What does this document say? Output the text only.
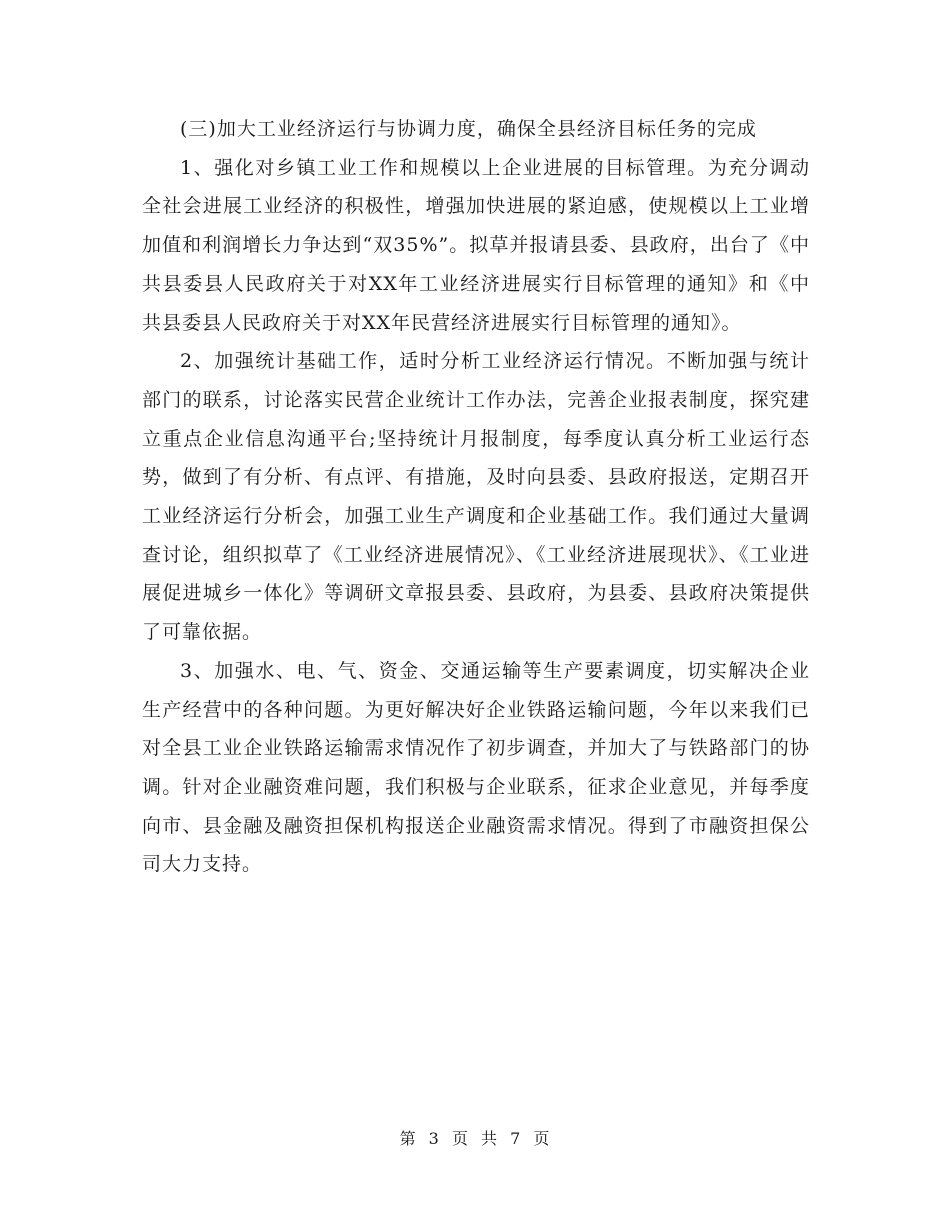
(三)加大工业经济运行与协调力度，确保全县经济目标任务的完成

1、强化对乡镇工业工作和规模以上企业进展的目标管理。为充分调动全社会进展工业经济的积极性，增强加快进展的紧迫感，使规模以上工业增加值和利润增长力争达到“双35%”。拟草并报请县委、县政府，出台了《中共县委县人民政府关于对XX年工业经济进展实行目标管理的通知》和《中共县委县人民政府关于对XX年民营经济进展实行目标管理的通知》。

2、加强统计基础工作，适时分析工业经济运行情况。不断加强与统计部门的联系，讨论落实民营企业统计工作办法，完善企业报表制度，探究建立重点企业信息沟通平台;坚持统计月报制度，每季度认真分析工业运行态势，做到了有分析、有点评、有措施，及时向县委、县政府报送，定期召开工业经济运行分析会，加强工业生产调度和企业基础工作。我们通过大量调查讨论，组织拟草了《工业经济进展情况》、《工业经济进展现状》、《工业进展促进城乡一体化》等调研文章报县委、县政府，为县委、县政府决策提供了可靠依据。

3、加强水、电、气、资金、交通运输等生产要素调度，切实解决企业生产经营中的各种问题。为更好解决好企业铁路运输问题，今年以来我们已对全县工业企业铁路运输需求情况作了初步调查，并加大了与铁路部门的协调。针对企业融资难问题，我们积极与企业联系，征求企业意见，并每季度向市、县金融及融资担保机构报送企业融资需求情况。得到了市融资担保公司大力支持。

第 3 页 共 7 页
